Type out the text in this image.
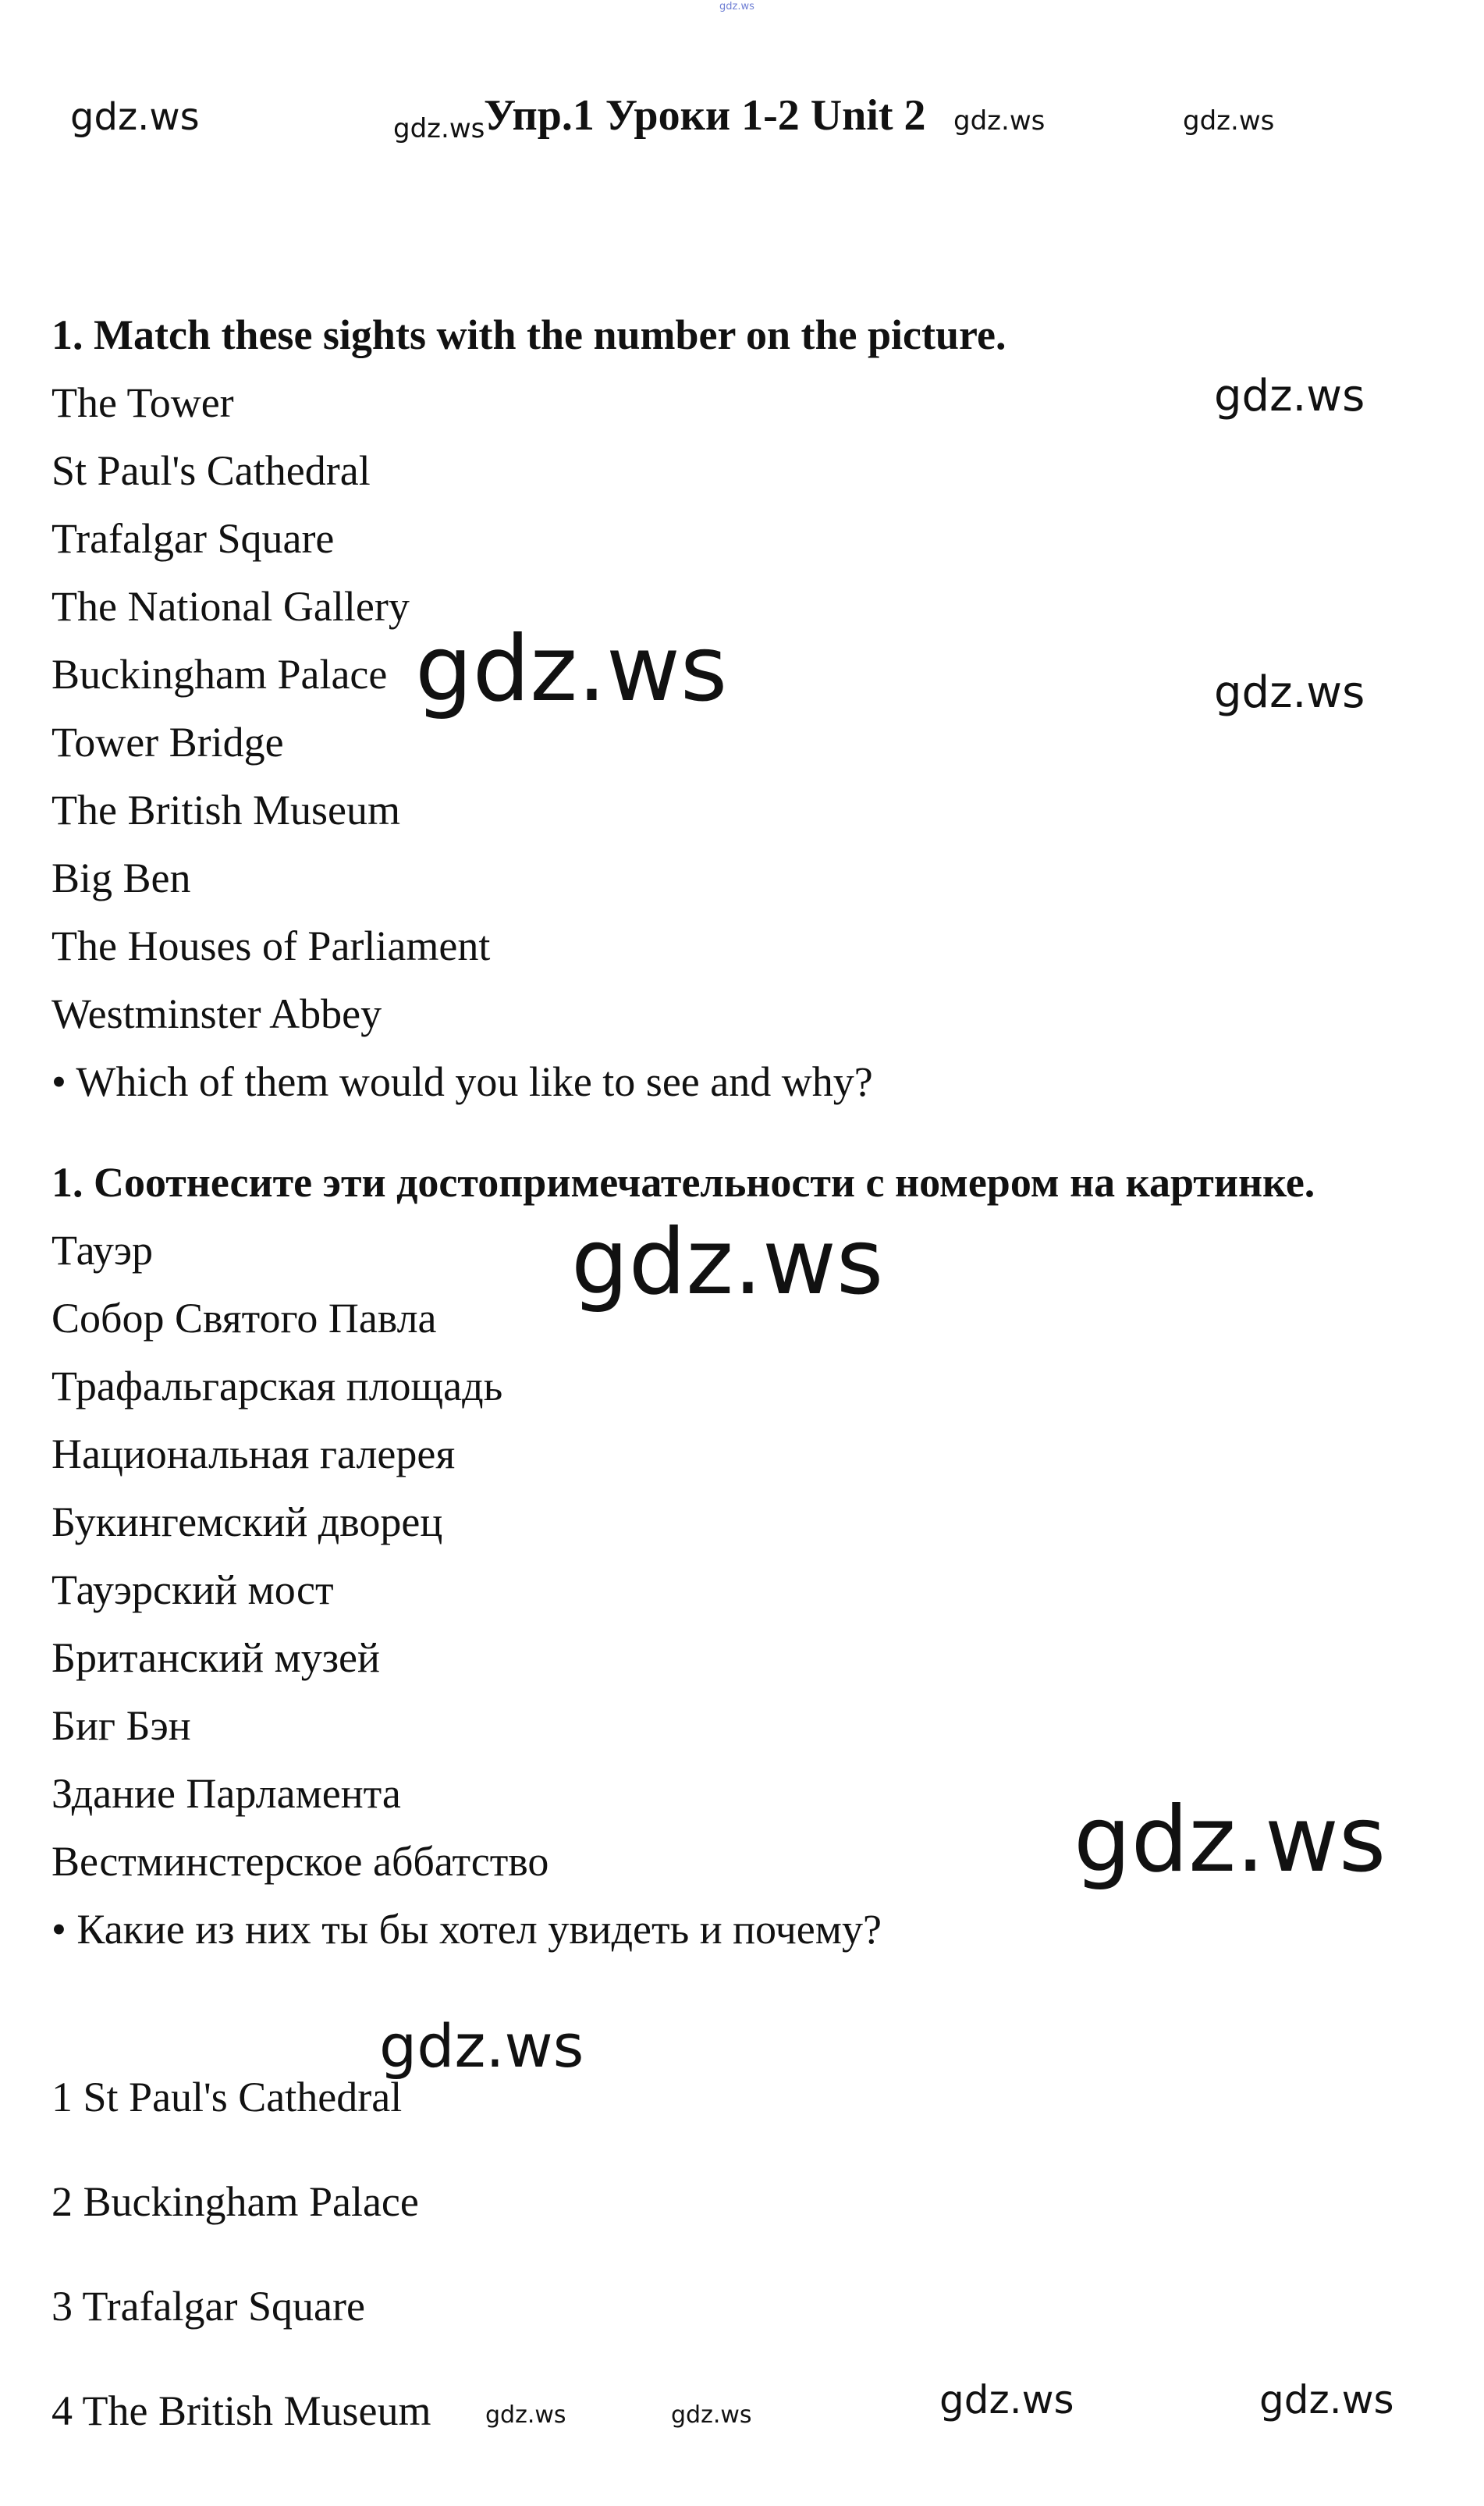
gdz.ws
gdz.ws	gdz.ws	gdz.ws	gdz.ws
gdz.ws
gdz.ws	gdz.ws
gdz.ws
gdz.ws
gdz.ws
gdz.ws	gdz.ws	gdz.ws	gdz.ws
Упр.1 Уроки 1-2 Unit 2

1. Match these sights with the number on the picture.

The Tower

St Paul's Cathedral

Trafalgar Square

The National Gallery

Buckingham Palace

Tower Bridge

The British Museum

Big Ben

The Houses of Parliament

Westminster Abbey

• Which of them would you like to see and why?

1. Соотнесите эти достопримечательности с номером на картинке.

Тауэр

Собор Святого Павла

Трафальгарская площадь

Национальная галерея

Букингемский дворец

Тауэрский мост

Британский музей

Биг Бэн

Здание Парламента

Вестминстерское аббатство

• Какие из них ты бы хотел увидеть и почему?

1 St Paul's Cathedral

2 Buckingham Palace

3 Trafalgar Square

4 The British Museum
